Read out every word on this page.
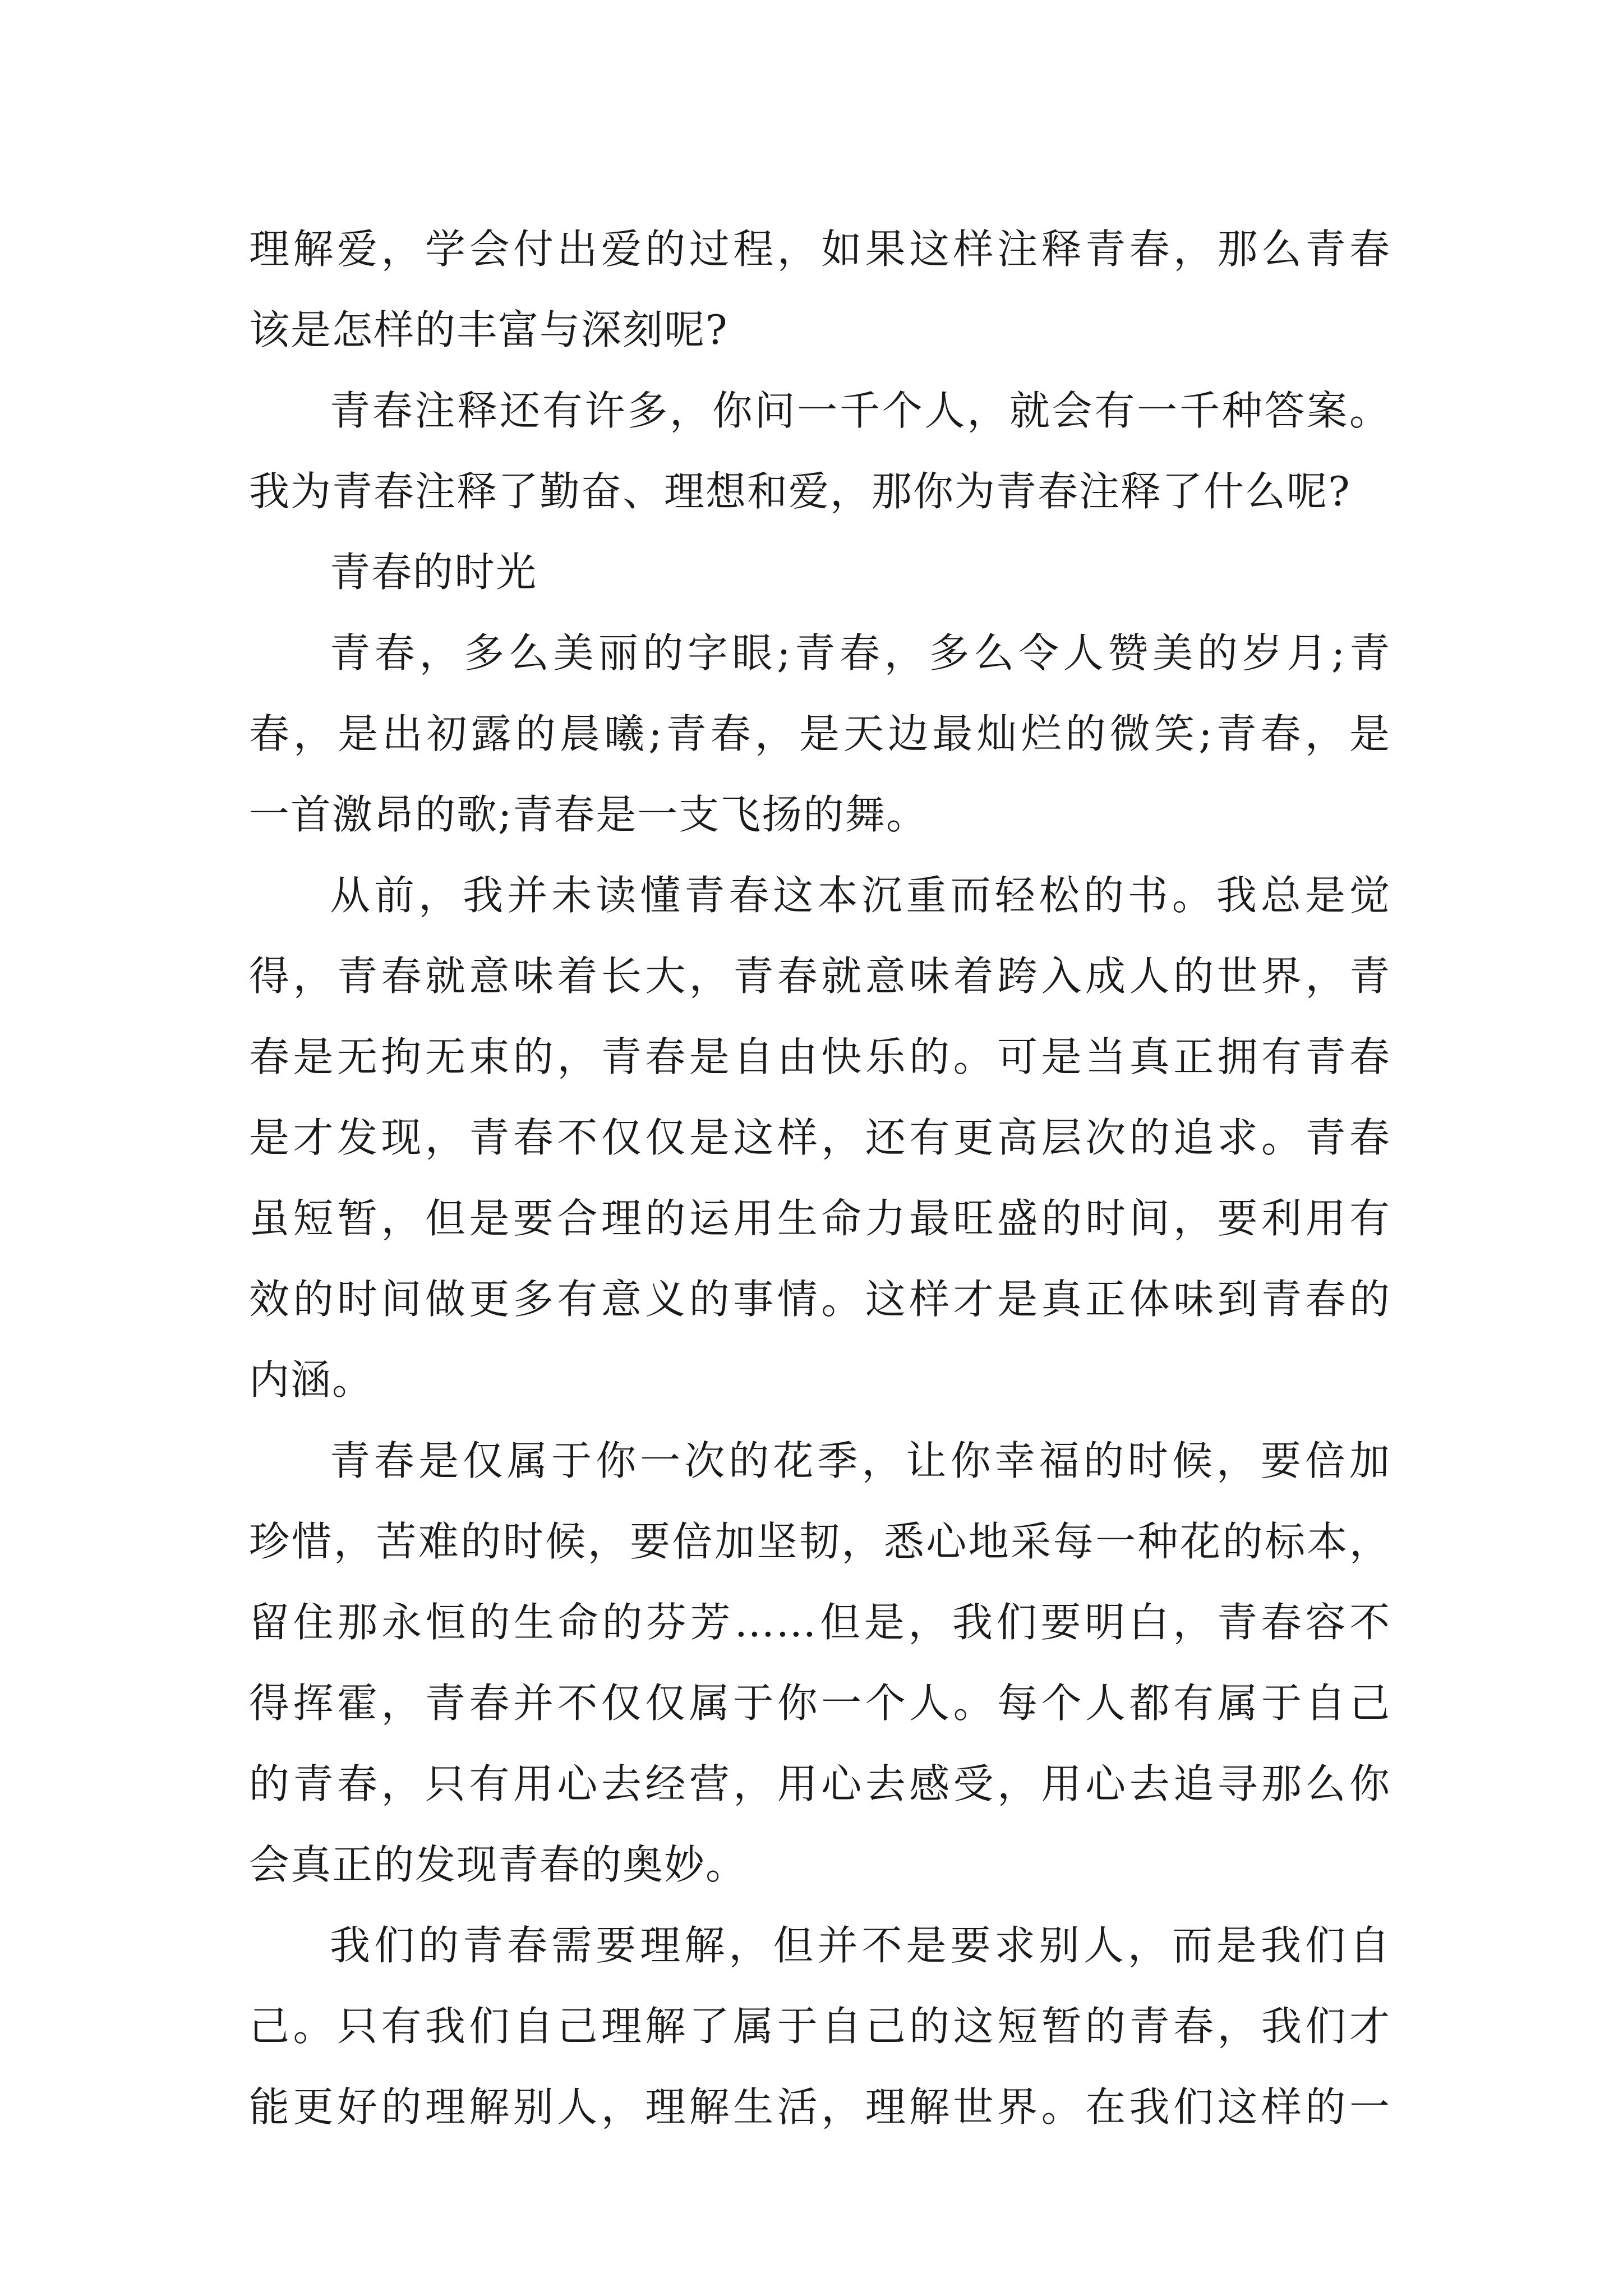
理解爱，学会付出爱的过程，如果这样注释青春，那么青春
该是怎样的丰富与深刻呢?
青春注释还有许多，你问一千个人，就会有一千种答案。
我为青春注释了勤奋、理想和爱，那你为青春注释了什么呢?
青春的时光
青春，多么美丽的字眼;青春，多么令人赞美的岁月;青
春，是出初露的晨曦;青春，是天边最灿烂的微笑;青春，是
一首激昂的歌;青春是一支飞扬的舞。
从前，我并未读懂青春这本沉重而轻松的书。我总是觉
得，青春就意味着长大，青春就意味着跨入成人的世界，青
春是无拘无束的，青春是自由快乐的。可是当真正拥有青春
是才发现，青春不仅仅是这样，还有更高层次的追求。青春
虽短暂，但是要合理的运用生命力最旺盛的时间，要利用有
效的时间做更多有意义的事情。这样才是真正体味到青春的
内涵。
青春是仅属于你一次的花季，让你幸福的时候，要倍加
珍惜，苦难的时候，要倍加坚韧，悉心地采每一种花的标本，
留住那永恒的生命的芬芳……但是，我们要明白，青春容不
得挥霍，青春并不仅仅属于你一个人。每个人都有属于自己
的青春，只有用心去经营，用心去感受，用心去追寻那么你
会真正的发现青春的奥妙。
我们的青春需要理解，但并不是要求别人，而是我们自
己。只有我们自己理解了属于自己的这短暂的青春，我们才
能更好的理解别人，理解生活，理解世界。在我们这样的一
